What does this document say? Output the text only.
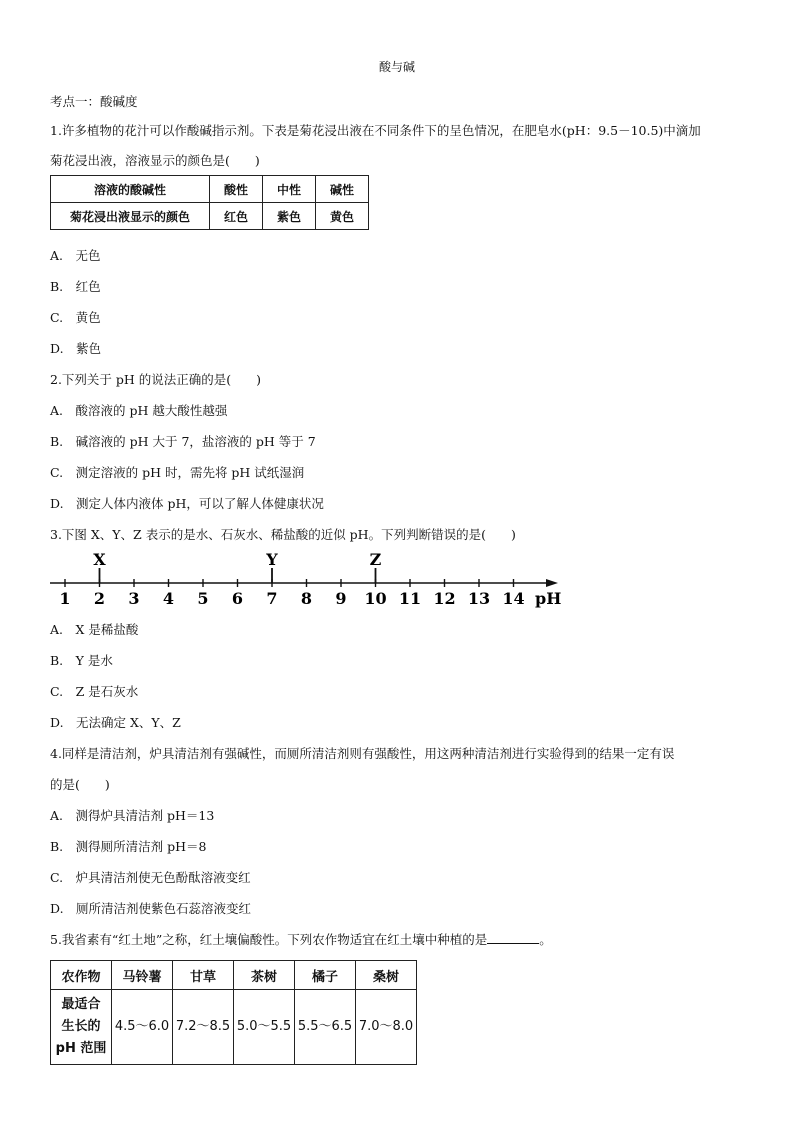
酸与碱
考点一：酸碱度
1.许多植物的花汁可以作酸碱指示剂。下表是菊花浸出液在不同条件下的呈色情况，在肥皂水(pH：9.5－10.5)中滴加
菊花浸出液，溶液显示的颜色是(　　)
溶液的酸碱性	酸性	中性	碱性
菊花浸出液显示的颜色	红色	紫色	黄色
A.　无色
B.　红色
C.　黄色
D.　紫色
2.下列关于 pH 的说法正确的是(　　)
A.　酸溶液的 pH 越大酸性越强
B.　碱溶液的 pH 大于 7，盐溶液的 pH 等于 7
C.　测定溶液的 pH 时，需先将 pH 试纸湿润
D.　测定人体内液体 pH，可以了解人体健康状况
3.下图 X、Y、Z 表示的是水、石灰水、稀盐酸的近似 pH。下列判断错误的是(　　)
1 2 3 4 5 6 7 8 9 10 11 12 13 14
X	Y	Z
pH
A.　X 是稀盐酸
B.　Y 是水
C.　Z 是石灰水
D.　无法确定 X、Y、Z
4.同样是清洁剂，炉具清洁剂有强碱性，而厕所清洁剂则有强酸性，用这两种清洁剂进行实验得到的结果一定有误
的是(　　)
A.　测得炉具清洁剂 pH＝13
B.　测得厕所清洁剂 pH＝8
C.　炉具清洁剂使无色酚酞溶液变红
D.　厕所清洁剂使紫色石蕊溶液变红
5.我省素有“红土地”之称，红土壤偏酸性。下列农作物适宜在红土壤中种植的是	。
农作物	马铃薯	甘草	茶树	橘子	桑树

最适合
生长的
pH 范围	4.5～6.0	7.2～8.5	5.0～5.5	5.5～6.5	7.0～8.0
